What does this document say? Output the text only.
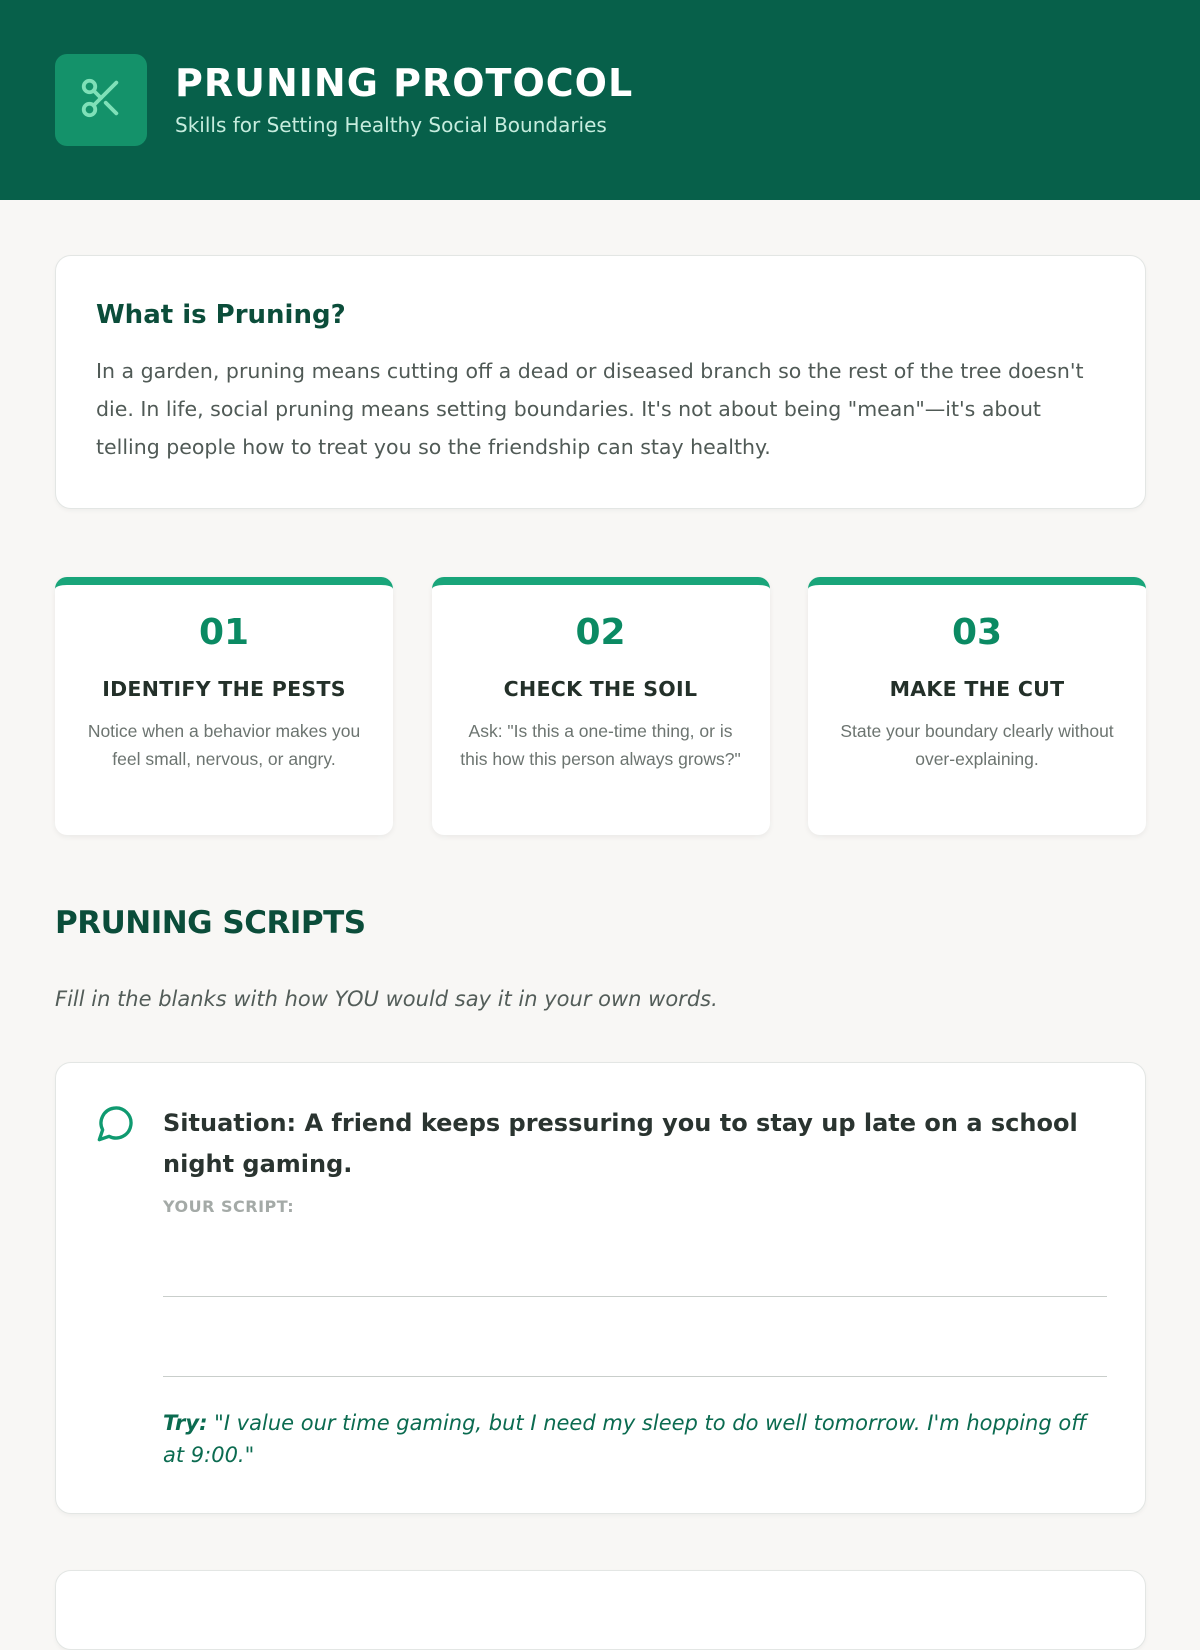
PRUNING PROTOCOL
Skills for Setting Healthy Social Boundaries
What is Pruning?
In a garden, pruning means cutting off a dead or diseased branch so the rest of the tree doesn't die. In life, social pruning means setting boundaries. It's not about being "mean"—it's about telling people how to treat you so the friendship can stay healthy.
01
IDENTIFY THE PESTS
Notice when a behavior makes you feel small, nervous, or angry.
02
CHECK THE SOIL
Ask: "Is this a one-time thing, or is this how this person always grows?"
03
MAKE THE CUT
State your boundary clearly without over-explaining.
PRUNING SCRIPTS
Fill in the blanks with how YOU would say it in your own words.
Situation: A friend keeps pressuring you to stay up late on a school night gaming.
YOUR SCRIPT:
Try: "I value our time gaming, but I need my sleep to do well tomorrow. I'm hopping off at 9:00."
